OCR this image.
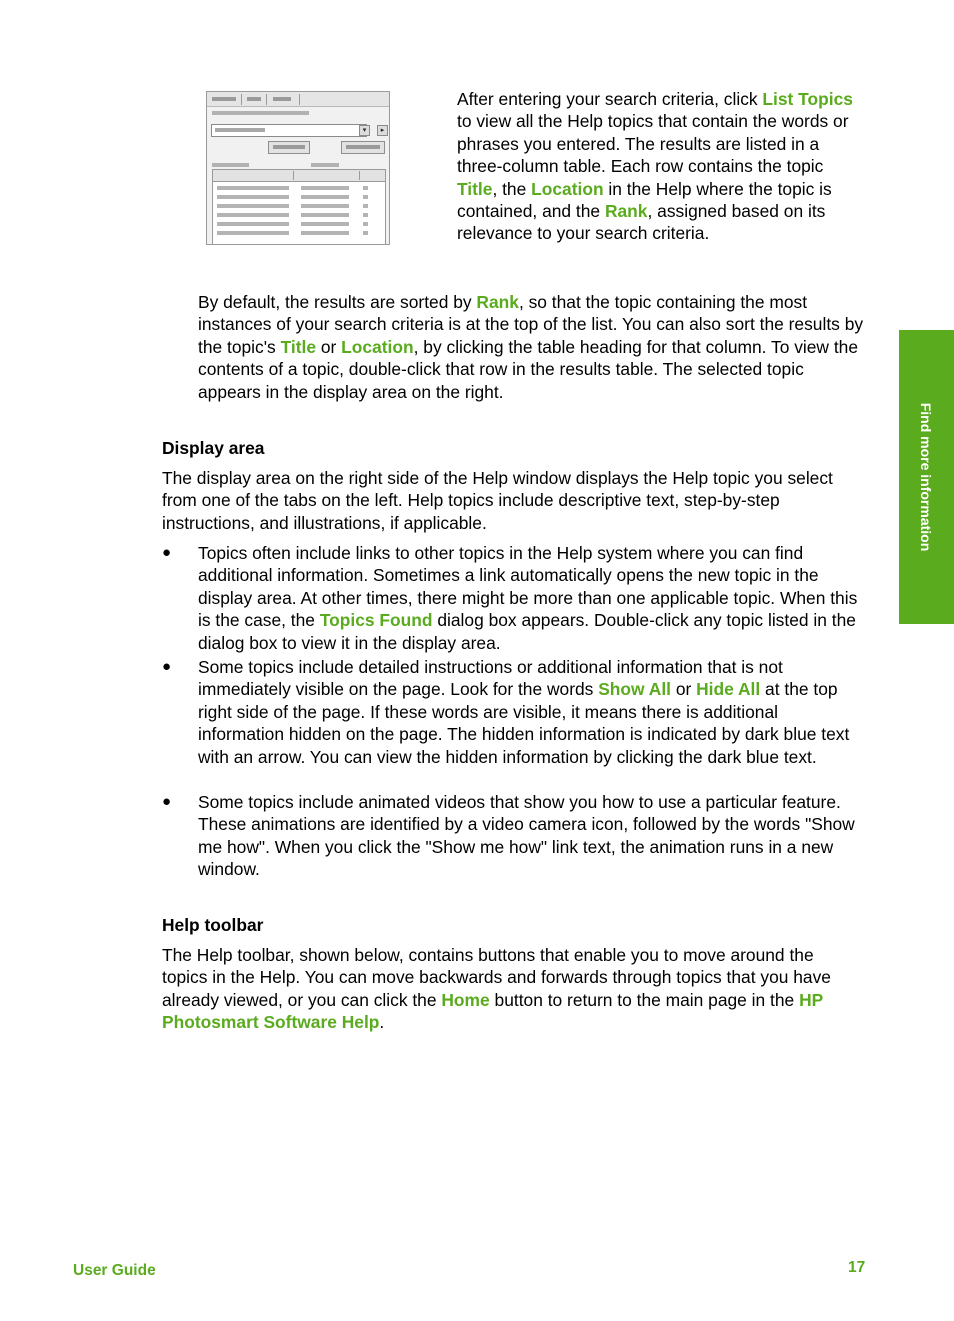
▾	▸

After entering your search criteria, click List Topics to view all the Help topics that contain the words or phrases you entered. The results are listed in a three-column table. Each row contains the topic Title, the Location in the Help where the topic is contained, and the Rank, assigned based on its relevance to your search criteria.

By default, the results are sorted by Rank, so that the topic containing the most instances of your search criteria is at the top of the list. You can also sort the results by the topic's Title or Location, by clicking the table heading for that column. To view the contents of a topic, double-click that row in the results table. The selected topic appears in the display area on the right.

Display area

The display area on the right side of the Help window displays the Help topic you select from one of the tabs on the left. Help topics include descriptive text, step-by-step instructions, and illustrations, if applicable.

● Topics often include links to other topics in the Help system where you can find additional information. Sometimes a link automatically opens the new topic in the display area. At other times, there might be more than one applicable topic. When this is the case, the Topics Found dialog box appears. Double-click any topic listed in the dialog box to view it in the display area.

● Some topics include detailed instructions or additional information that is not immediately visible on the page. Look for the words Show All or Hide All at the top right side of the page. If these words are visible, it means there is additional information hidden on the page. The hidden information is indicated by dark blue text with an arrow. You can view the hidden information by clicking the dark blue text.

● Some topics include animated videos that show you how to use a particular feature. These animations are identified by a video camera icon, followed by the words "Show me how". When you click the "Show me how" link text, the animation runs in a new window.

Help toolbar

The Help toolbar, shown below, contains buttons that enable you to move around the topics in the Help. You can move backwards and forwards through topics that you have already viewed, or you can click the Home button to return to the main page in the HP Photosmart Software Help.

Find more information
User Guide	17
